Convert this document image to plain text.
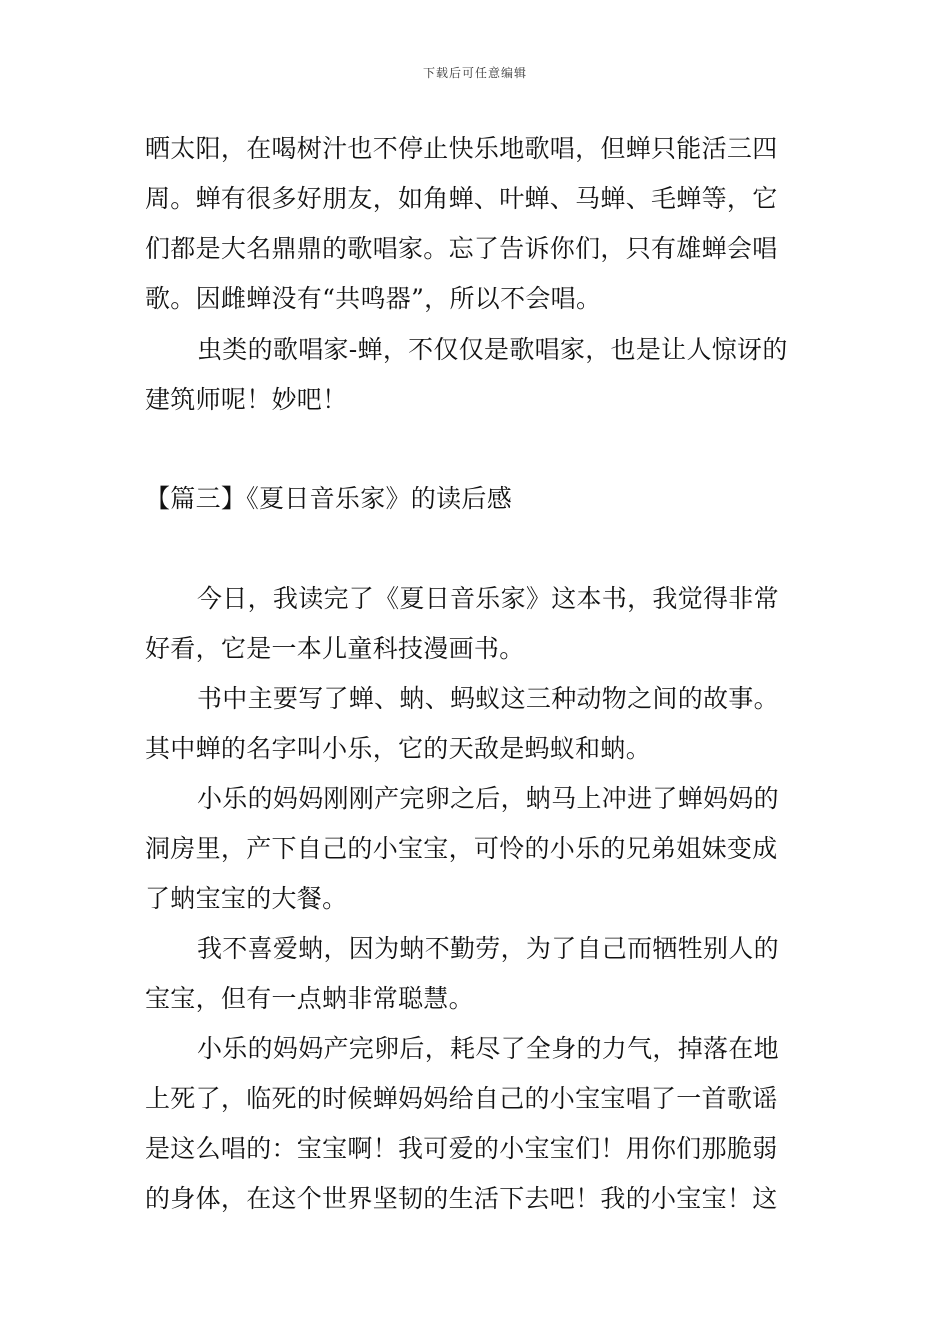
下载后可任意编辑
晒太阳，在喝树汁也不停止快乐地歌唱，但蝉只能活三四
周。蝉有很多好朋友，如角蝉、叶蝉、马蝉、毛蝉等，它
们都是大名鼎鼎的歌唱家。忘了告诉你们，只有雄蝉会唱
歌。因雌蝉没有“共鸣器”，所以不会唱。
虫类的歌唱家-蝉，不仅仅是歌唱家，也是让人惊讶的
建筑师呢！妙吧！
【篇三】《夏日音乐家》的读后感
今日，我读完了《夏日音乐家》这本书，我觉得非常
好看，它是一本儿童科技漫画书。
书中主要写了蝉、蚋、蚂蚁这三种动物之间的故事。
其中蝉的名字叫小乐，它的天敌是蚂蚁和蚋。
小乐的妈妈刚刚产完卵之后，蚋马上冲进了蝉妈妈的
洞房里，产下自己的小宝宝，可怜的小乐的兄弟姐妹变成
了蚋宝宝的大餐。
我不喜爱蚋，因为蚋不勤劳，为了自己而牺牲别人的
宝宝，但有一点蚋非常聪慧。
小乐的妈妈产完卵后，耗尽了全身的力气，掉落在地
上死了，临死的时候蝉妈妈给自己的小宝宝唱了一首歌谣
是这么唱的：宝宝啊！我可爱的小宝宝们！用你们那脆弱
的身体，在这个世界坚韧的生活下去吧！我的小宝宝！这
